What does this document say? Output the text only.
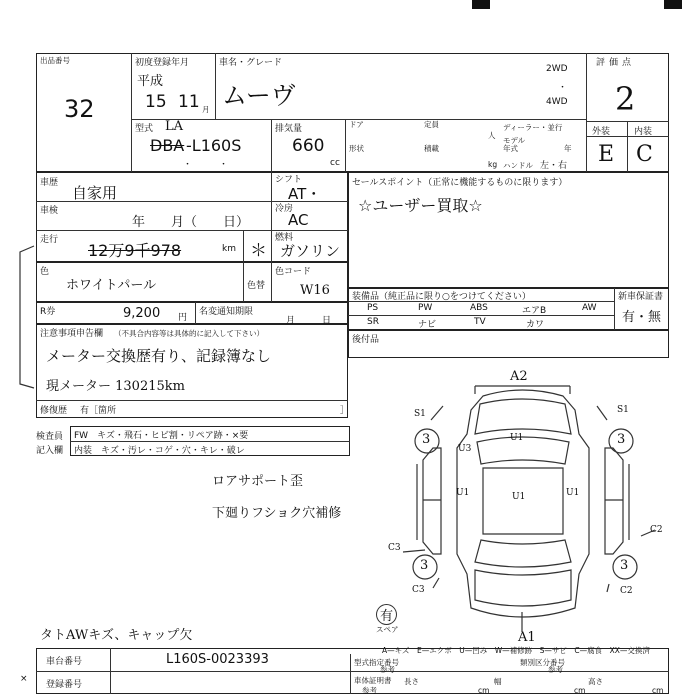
出品番号
32
初度登録年月
平成
15 11 月
車名・グレード
ムーヴ
2WD
・
4WD
評価点
2
外装	内装
E C
型式 LA
DBA -L160S
・　　　・
排気量
660
cc
ドア	定員
人
ディーラー・並行
形状	積載
モデル年式	年
kg ハンドル 左・右
車歴
自家用
車検
年　　月（　　日）
走行
12万9千978	km ＊
シフト
AT・
冷房
AC
燃料
ガソリン
色
ホワイトパール	色替
色コード
W16
R券	9,200 円
名変通知期限
月　　　日
注意事項申告欄 （不具合内容等は具体的に記入して下さい）
メーター交換歴有り、記録簿なし
現メーター 130215km
修復歴 有［箇所	］
セールスポイント（正常に機能するものに限ります）
☆ユーザー買取☆
装備品（純正品に限り○をつけてください）	新車保証書
有・無
PS	PW	ABS	エアB	AW
SR	ナビ	TV	カワ
後付品
検査員
記入欄
FW　キズ・飛石・ヒビ割・リペア跡・×要
内装　キズ・汚レ・コゲ・穴・キレ・破レ
ロアサポート歪
下廻りフショク穴補修
タトAWキズ、キャップ欠
A2
S1	S1
3	3
U1
U3
U1	U1	U1
C2
C3
3	3
C3	C2
有
スペア
A1
A—キズ　E—エクボ　U—凹み　W—補修跡　S—サビ　C—腐食　XX—交換済
車台番号	L160S-0023393
登録番号
型式指定番号
参考
類別区分番号
参考
車体証明書
参考
長さ
cm
幅
cm
高さ
cm
×
